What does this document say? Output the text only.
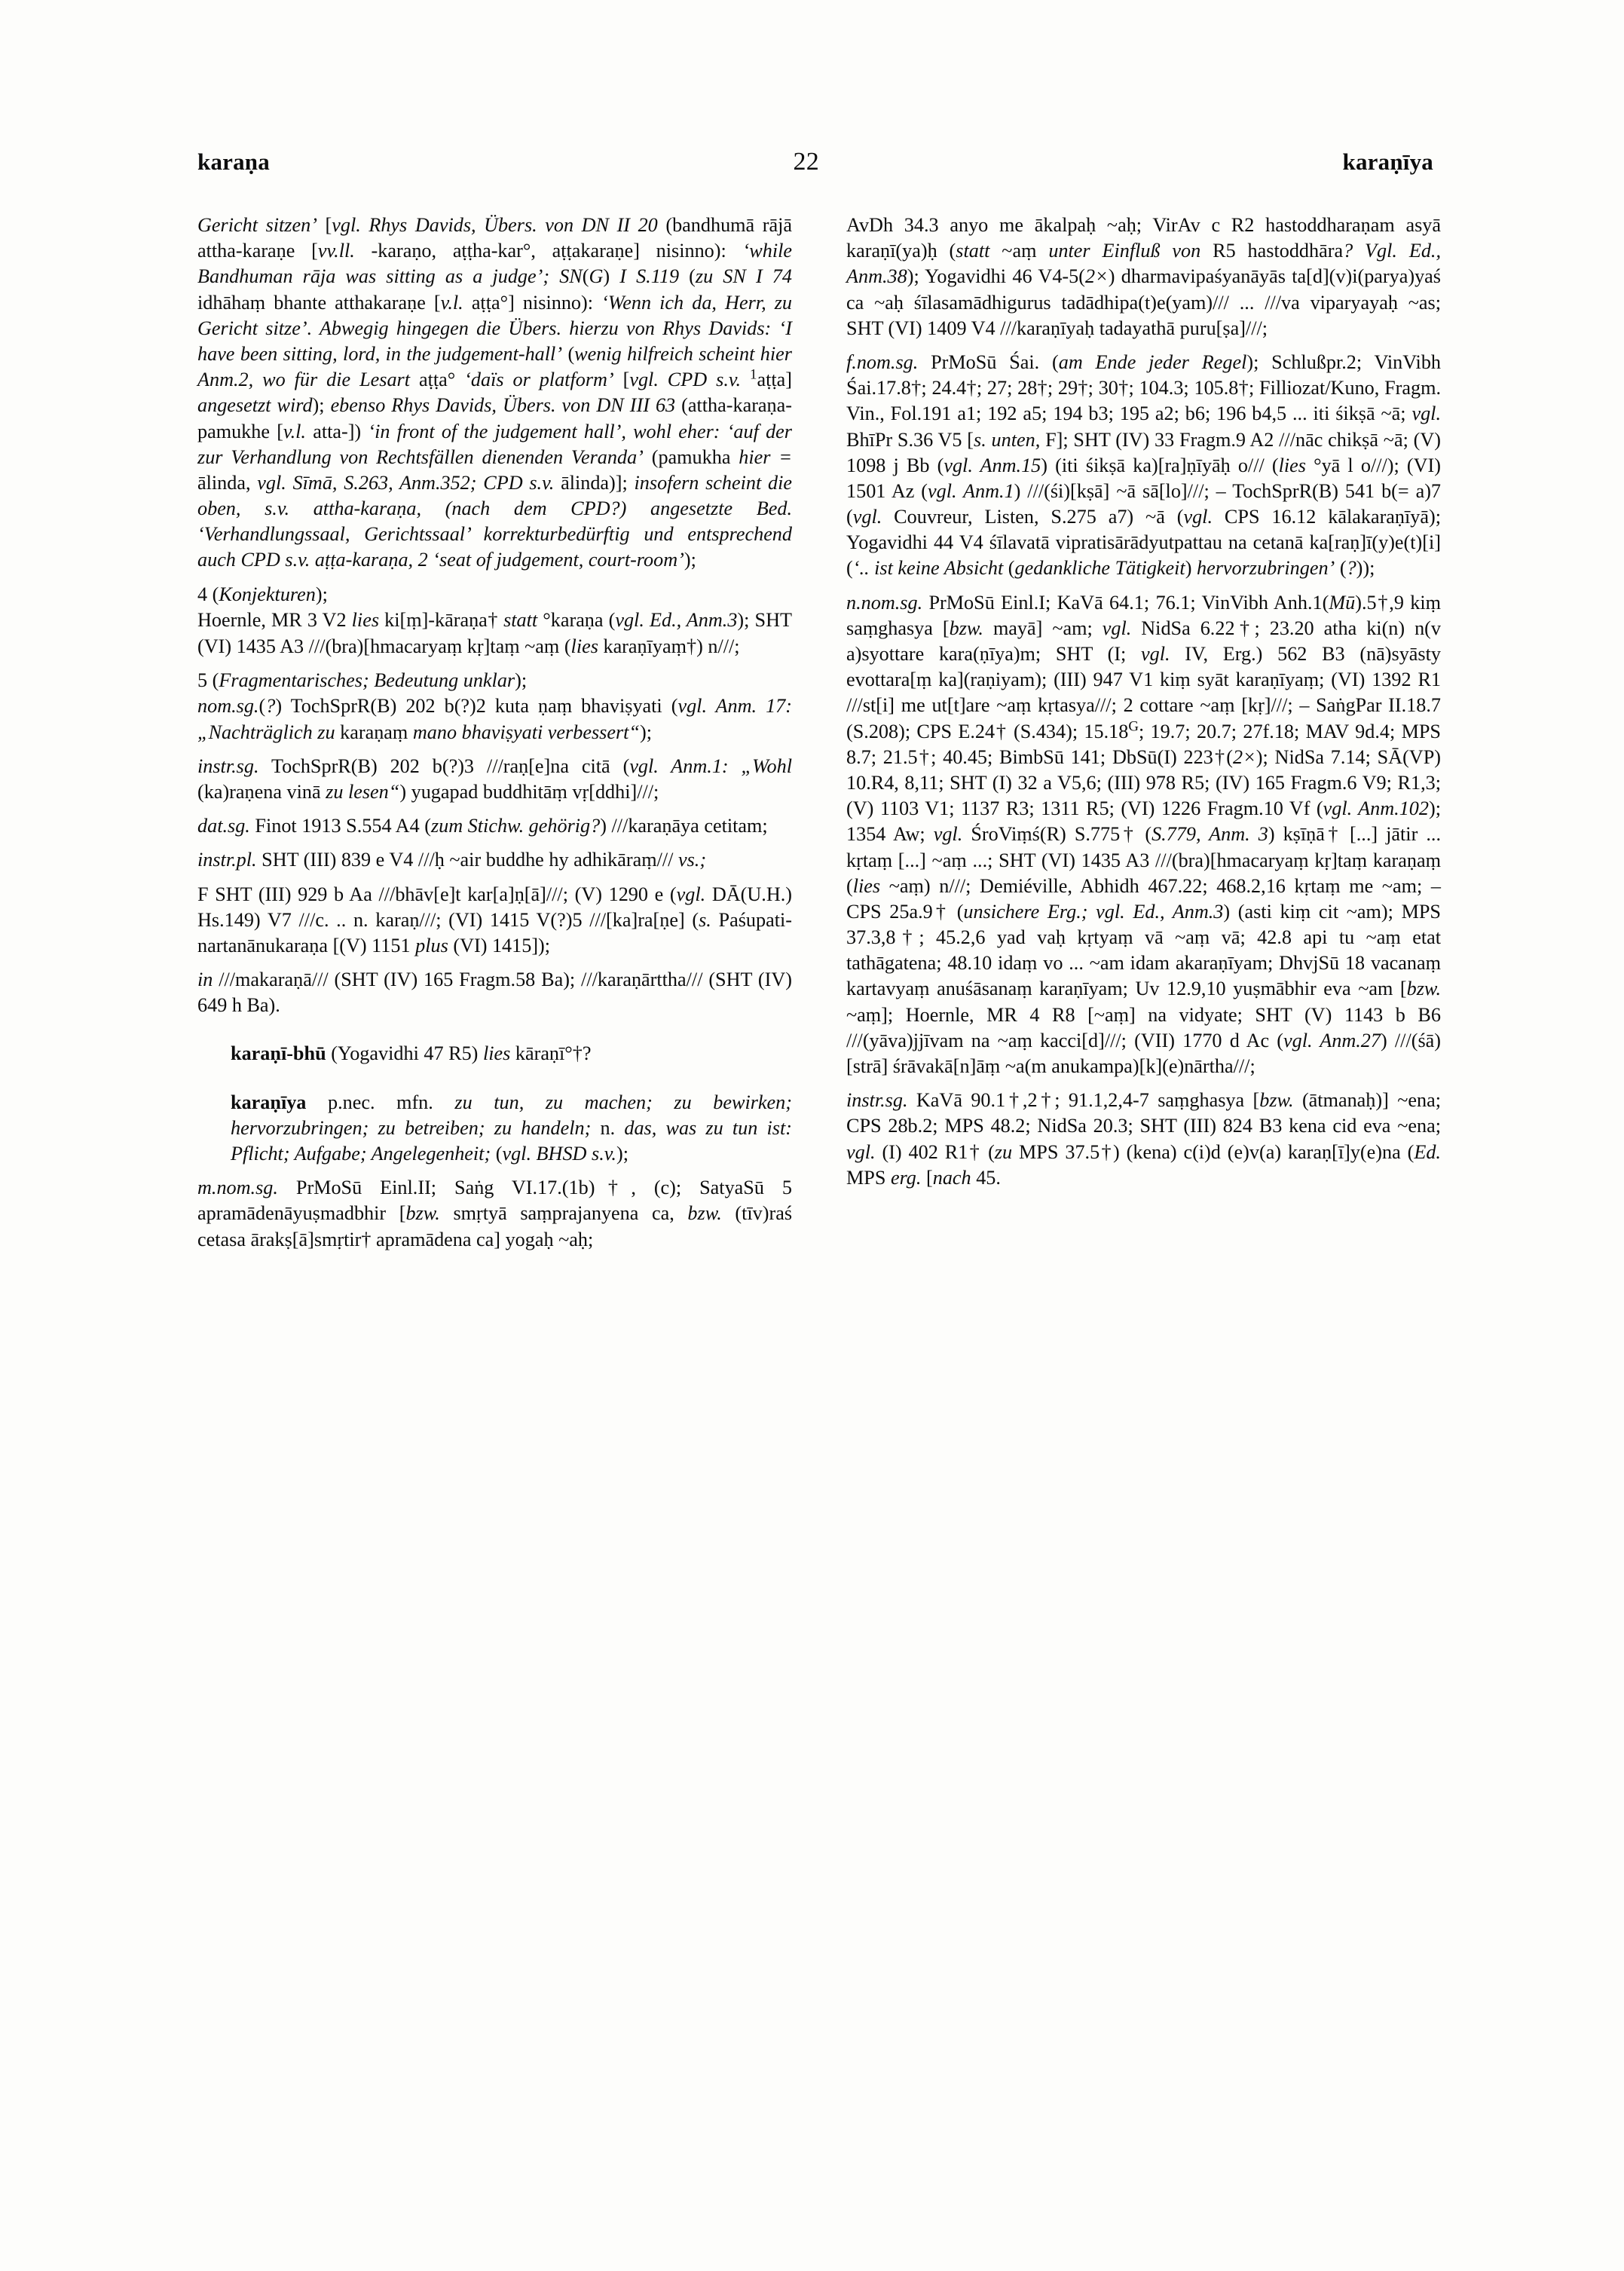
karaṇa	22	karaṇīya

Gericht sitzen’ [vgl. Rhys Davids, Übers. von DN II 20 (bandhumā rājā attha-karaṇe [vv.ll. -karaṇo, aṭṭha-kar°, aṭṭakaraṇe] nisinno): ‘while Bandhuman rāja was sitting as a judge’; SN(G) I S.119 (zu SN I 74 idhāhaṃ bhante atthakaraṇe [v.l. aṭṭa°] nisinno): ‘Wenn ich da, Herr, zu Gericht sitze’. Abwegig hingegen die Übers. hierzu von Rhys Davids: ‘I have been sitting, lord, in the judgement-hall’ (wenig hilfreich scheint hier Anm.2, wo für die Lesart aṭṭa° ‘daïs or platform’ [vgl. CPD s.v. $^1$aṭṭa] angesetzt wird); ebenso Rhys Davids, Übers. von DN III 63 (attha-karaṇa-pamukhe [v.l. atta-]) ‘in front of the judgement hall’, wohl eher: ‘auf der zur Verhandlung von Rechtsfällen dienenden Veranda’ (pamukha hier = ālinda, vgl. Sīmā, S.263, Anm.352; CPD s.v. ālinda)]; insofern scheint die oben, s.v. attha-karaṇa, (nach dem CPD?) angesetzte Bed. ‘Verhandlungssaal, Gerichtssaal’ korrekturbedürftig und entsprechend auch CPD s.v. aṭṭa-karaṇa, 2 ‘seat of judgement, court-room’);

4 (Konjekturen);

Hoernle, MR 3 V2 lies ki[ṃ]-kāraṇa† statt °karaṇa (vgl. Ed., Anm.3); SHT (VI) 1435 A3 ///(bra)[hmacaryaṃ kṛ]taṃ ~aṃ (lies karaṇīyaṃ†) n///;

5 (Fragmentarisches; Bedeutung unklar);

nom.sg.(?) TochSprR(B) 202 b(?)2 kuta ṇaṃ bhaviṣyati (vgl. Anm. 17: „Nachträglich zu karaṇaṃ mano bhaviṣyati verbessert“);

instr.sg. TochSprR(B) 202 b(?)3 ///raṇ[e]na citā (vgl. Anm.1: „Wohl (ka)raṇena vinā zu lesen“) yugapad buddhitāṃ vṛ[ddhi]///;

dat.sg. Finot 1913 S.554 A4 (zum Stichw. gehörig?) ///karaṇāya cetitam;

instr.pl. SHT (III) 839 e V4 ///ḥ ~air buddhe hy adhikāraṃ/// vs.;

F SHT (III) 929 b Aa ///bhāv[e]t kar[a]ṇ[ā]///; (V) 1290 e (vgl. DĀ(U.H.) Hs.149) V7 ///c. .. n. karaṇ///; (VI) 1415 V(?)5 ///[ka]ra[ṇe] (s. Paśupati-nartanānukaraṇa [(V) 1151 plus (VI) 1415]);

in ///makaraṇā/// (SHT (IV) 165 Fragm.58 Ba); ///karaṇārttha/// (SHT (IV) 649 h Ba).

karaṇī-bhū (Yogavidhi 47 R5) lies kāraṇī°†?

karaṇīya p.nec. mfn. zu tun, zu machen; zu bewirken; hervorzubringen; zu betreiben; zu handeln; n. das, was zu tun ist: Pflicht; Aufgabe; Angelegenheit; (vgl. BHSD s.v.);

m.nom.sg. PrMoSū Einl.II; Saṅg VI.17.(1b)†, (c); SatyaSū 5 apramādenāyuṣmadbhir [bzw. smṛtyā saṃprajanyena ca, bzw. (tīv)raś cetasa ārakṣ[ā]smṛtir† apramādena ca] yogaḥ ~aḥ;

AvDh 34.3 anyo me ākalpaḥ ~aḥ; VirAv c R2 hastoddharaṇam asyā karaṇī(ya)ḥ (statt ~aṃ unter Einfluß von R5 hastoddhāra? Vgl. Ed., Anm.38); Yogavidhi 46 V4-5(2×) dharmavipaśyanāyās ta[d](v)i(parya)yaś ca ~aḥ śīlasamādhigurus tadādhipa(t)e(yam)/// ... ///va viparyayaḥ ~as; SHT (VI) 1409 V4 ///karaṇīyaḥ tadayathā puru[ṣa]///;

f.nom.sg. PrMoSū Śai. (am Ende jeder Regel); Schlußpr.2; VinVibh Śai.17.8†; 24.4†; 27; 28†; 29†; 30†; 104.3; 105.8†; Filliozat/Kuno, Fragm. Vin., Fol.191 a1; 192 a5; 194 b3; 195 a2; b6; 196 b4,5 ... iti śikṣā ~ā; vgl. BhīPr S.36 V5 [s. unten, F]; SHT (IV) 33 Fragm.9 A2 ///nāc chikṣā ~ā; (V) 1098 j Bb (vgl. Anm.15) (iti śikṣā ka)[ra]ṇīyāḥ o/// (lies °yā l o///); (VI) 1501 Az (vgl. Anm.1) ///(śi)[kṣā] ~ā sā[lo]///; – TochSprR(B) 541 b(= a)7 (vgl. Couvreur, Listen, S.275 a7) ~ā (vgl. CPS 16.12 kālakaraṇīyā); Yogavidhi 44 V4 śīlavatā vipratisārādyutpattau na cetanā ka[raṇ]ī(y)e(t)[i] (‘.. ist keine Absicht (gedankliche Tätigkeit) hervorzubringen’ (?));

n.nom.sg. PrMoSū Einl.I; KaVā 64.1; 76.1; VinVibh Anh.1(Mū).5†,9 kiṃ saṃghasya [bzw. mayā] ~am; vgl. NidSa 6.22†; 23.20 atha ki(n) n(v a)syottare kara(ṇīya)m; SHT (I; vgl. IV, Erg.) 562 B3 (nā)syāsty evottara[ṃ ka](raṇiyam); (III) 947 V1 kiṃ syāt karaṇīyaṃ; (VI) 1392 R1 ///st[i] me ut[t]are ~aṃ kṛtasya///; 2 cottare ~aṃ [kṛ]///; – SaṅgPar II.18.7 (S.208); CPS E.24† (S.434); $15.18^G$; 19.7; 20.7; 27f.18; MAV 9d.4; MPS 8.7; 21.5†; 40.45; BimbSū 141; DbSū(I) 223†(2×); NidSa 7.14; SĀ(VP) 10.R4, 8,11; SHT (I) 32 a V5,6; (III) 978 R5; (IV) 165 Fragm.6 V9; R1,3; (V) 1103 V1; 1137 R3; 1311 R5; (VI) 1226 Fragm.10 Vf (vgl. Anm.102); 1354 Aw; vgl. ŚroViṃś(R) S.775† (S.779, Anm. 3) kṣīṇā† [...] jātir ... kṛtaṃ [...] ~aṃ ...; SHT (VI) 1435 A3 ///(bra)[hmacaryaṃ kṛ]taṃ karaṇaṃ (lies ~aṃ) n///; Demiéville, Abhidh 467.22; 468.2,16 kṛtaṃ me ~am; – CPS 25a.9† (unsichere Erg.; vgl. Ed., Anm.3) (asti kiṃ cit ~am); MPS 37.3,8†; 45.2,6 yad vaḥ kṛtyaṃ vā ~aṃ vā; 42.8 api tu ~aṃ etat tathāgatena; 48.10 idaṃ vo ... ~am idam akaraṇīyam; DhvjSū 18 vacanaṃ kartavyaṃ anuśāsanaṃ karaṇīyam; Uv 12.9,10 yuṣmābhir eva ~am [bzw. ~aṃ]; Hoernle, MR 4 R8 [~aṃ] na vidyate; SHT (V) 1143 b B6 ///(yāva)jjīvam na ~aṃ kacci[d]///; (VII) 1770 d Ac (vgl. Anm.27) ///(śā)[strā] śrāvakā[n]āṃ ~a(m anukampa)[k](e)nārtha///;

instr.sg. KaVā 90.1†,2†; 91.1,2,4-7 saṃghasya [bzw. (ātmanaḥ)] ~ena; CPS 28b.2; MPS 48.2; NidSa 20.3; SHT (III) 824 B3 kena cid eva ~ena; vgl. (I) 402 R1† (zu MPS 37.5†) (kena) c(i)d (e)v(a) karaṇ[ī]y(e)na (Ed. MPS erg. [nach 45.
